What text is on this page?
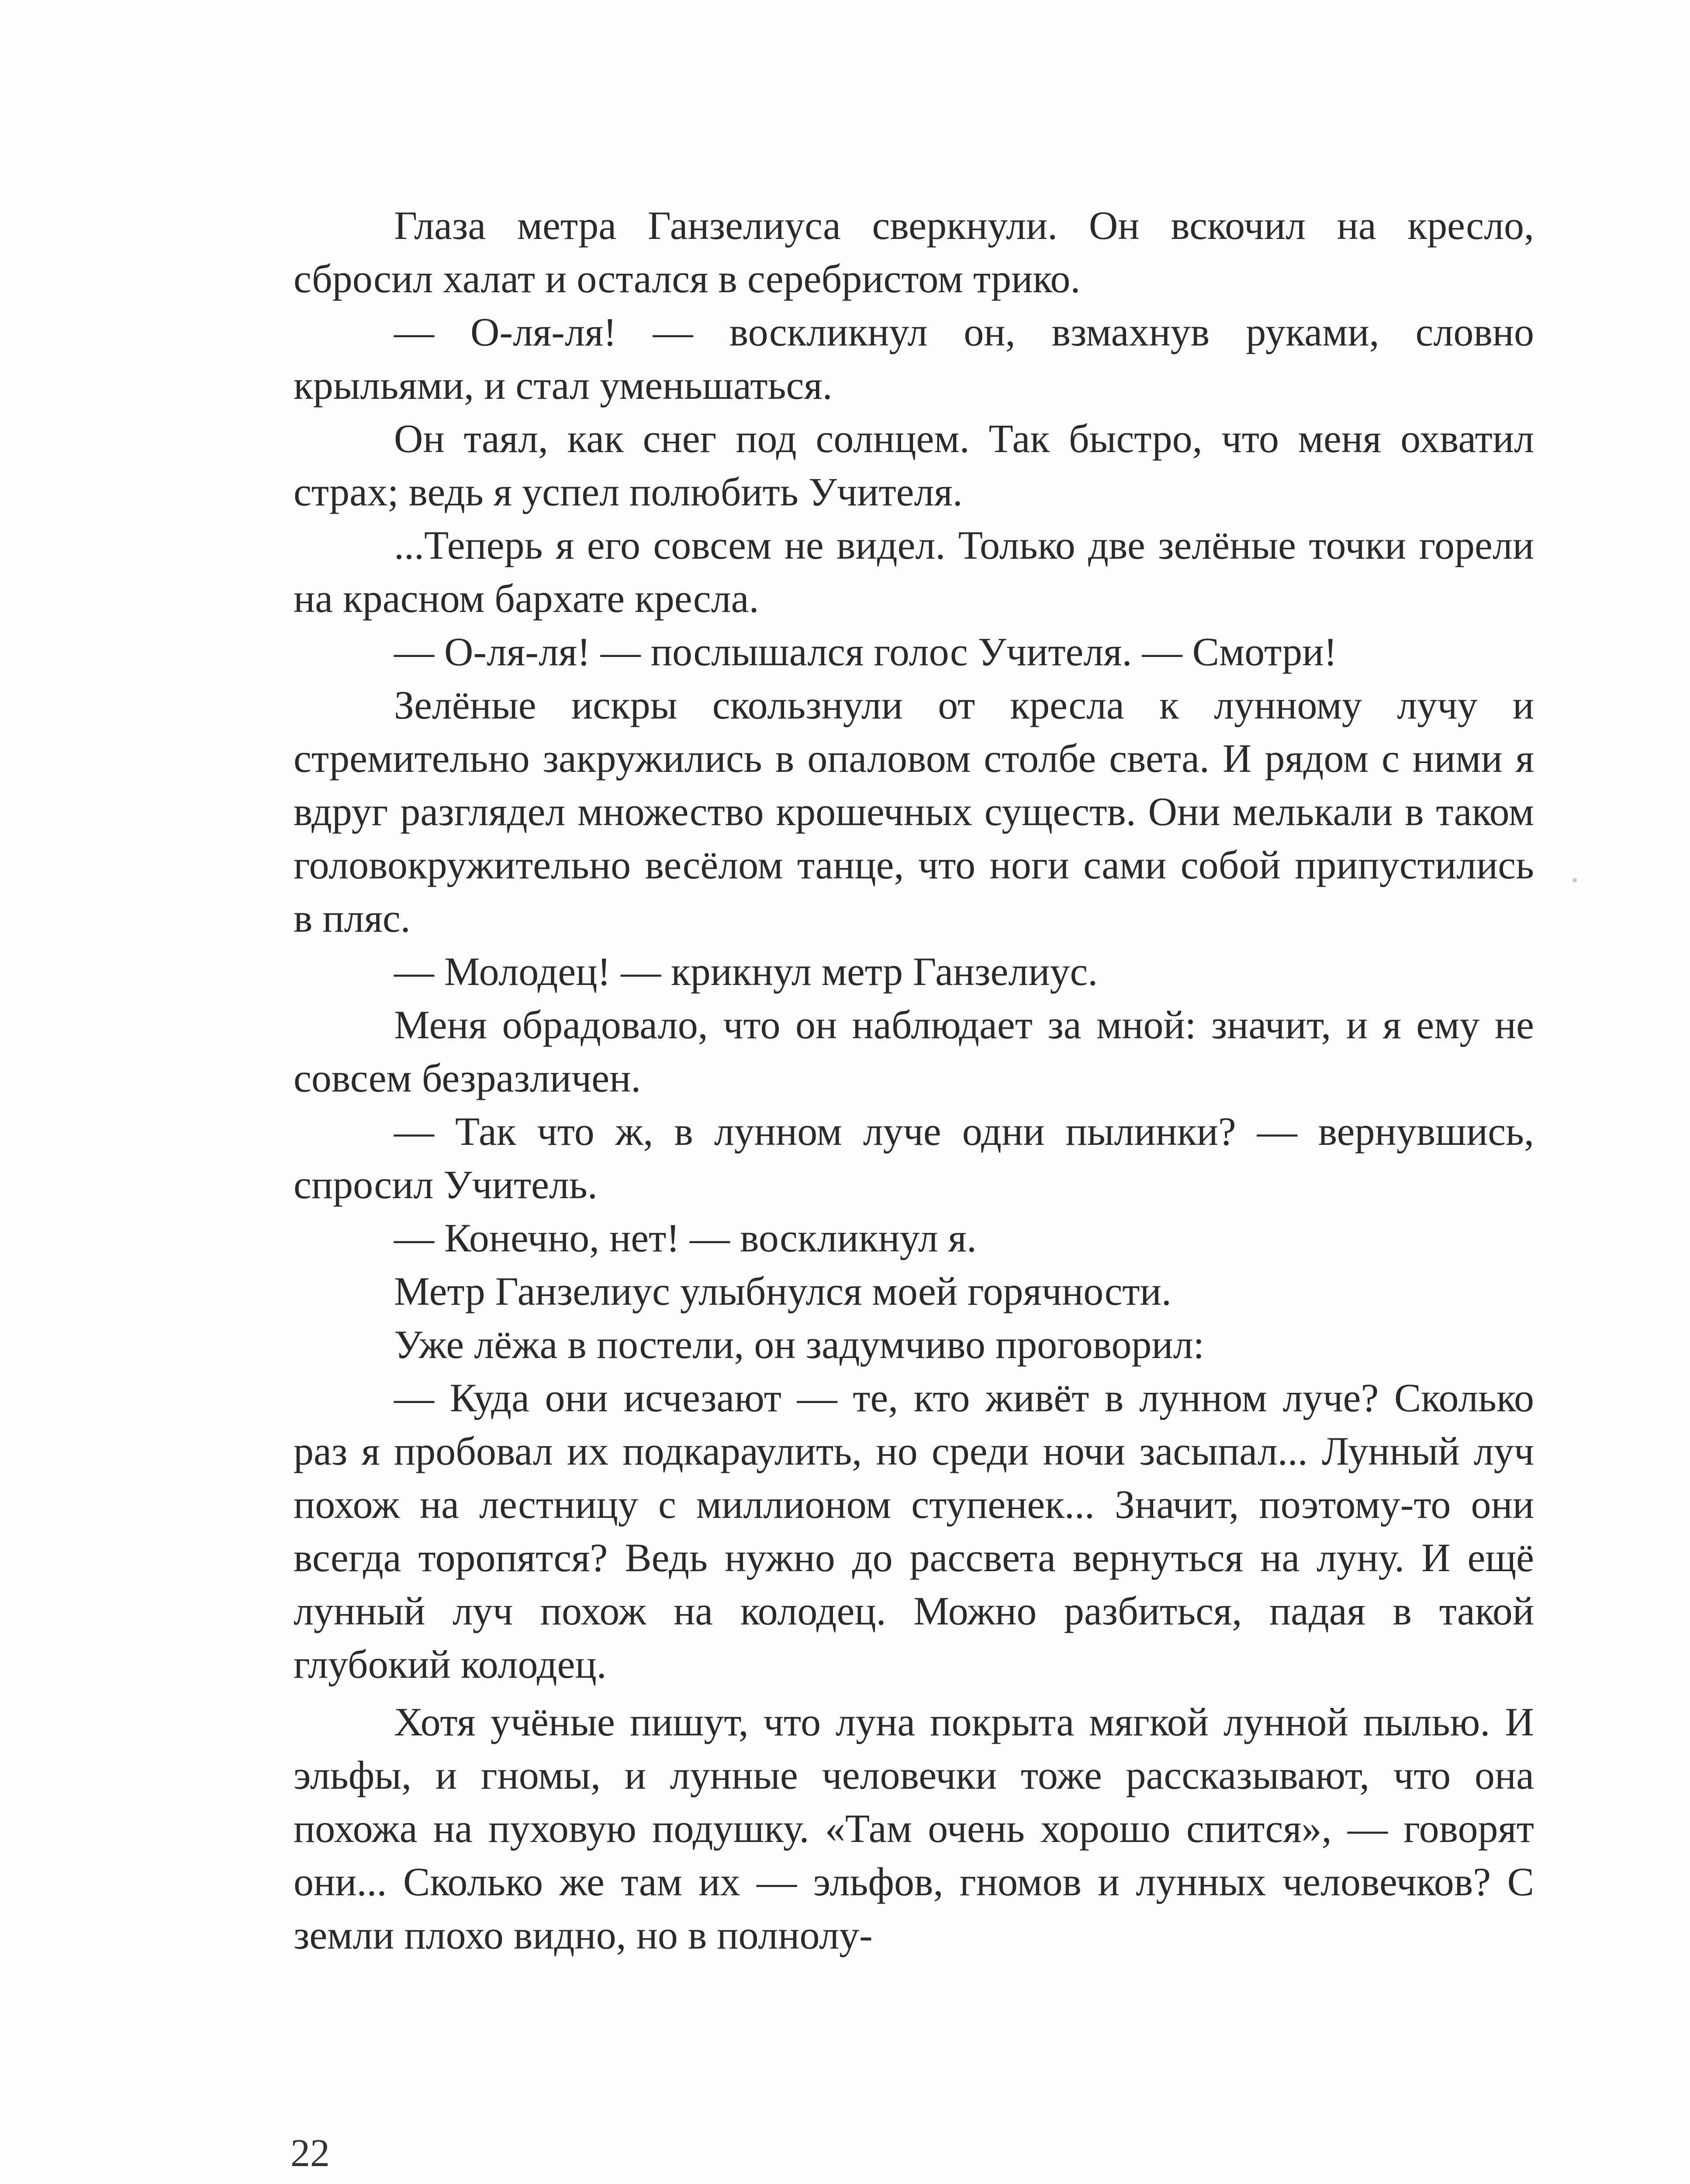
Глаза метра Ганзелиуса сверкнули. Он вскочил на кресло, сбросил халат и остался в серебристом трико.

— О-ля-ля! — воскликнул он, взмахнув руками, словно крыльями, и стал уменьшаться.

Он таял, как снег под солнцем. Так быстро, что меня охватил страх; ведь я успел полюбить Учителя.

...Теперь я его совсем не видел. Только две зелёные точки горели на красном бархате кресла.

— О-ля-ля! — послышался голос Учителя. — Смотри!

Зелёные искры скользнули от кресла к лунному лучу и стремительно закружились в опаловом столбе света. И рядом с ними я вдруг разглядел множество крошечных существ. Они мелькали в таком головокружительно весёлом танце, что ноги сами собой припустились в пляс.

— Молодец! — крикнул метр Ганзелиус.

Меня обрадовало, что он наблюдает за мной: значит, и я ему не совсем безразличен.

— Так что ж, в лунном луче одни пылинки? — вернувшись, спросил Учитель.

— Конечно, нет! — воскликнул я.

Метр Ганзелиус улыбнулся моей горячности.

Уже лёжа в постели, он задумчиво проговорил:

— Куда они исчезают — те, кто живёт в лунном луче? Сколько раз я пробовал их подкараулить, но среди ночи засыпал... Лунный луч похож на лестницу с миллионом ступенек... Значит, поэтому-то они всегда торопятся? Ведь нужно до рассвета вернуться на луну. И ещё лунный луч похож на колодец. Можно разбиться, падая в такой глубокий колодец.

Хотя учёные пишут, что луна покрыта мягкой лунной пылью. И эльфы, и гномы, и лунные человечки тоже рассказывают, что она похожа на пуховую подушку. «Там очень хорошо спится», — говорят они... Сколько же там их — эльфов, гномов и лунных человечков? С земли плохо видно, но в полнолу-

22
